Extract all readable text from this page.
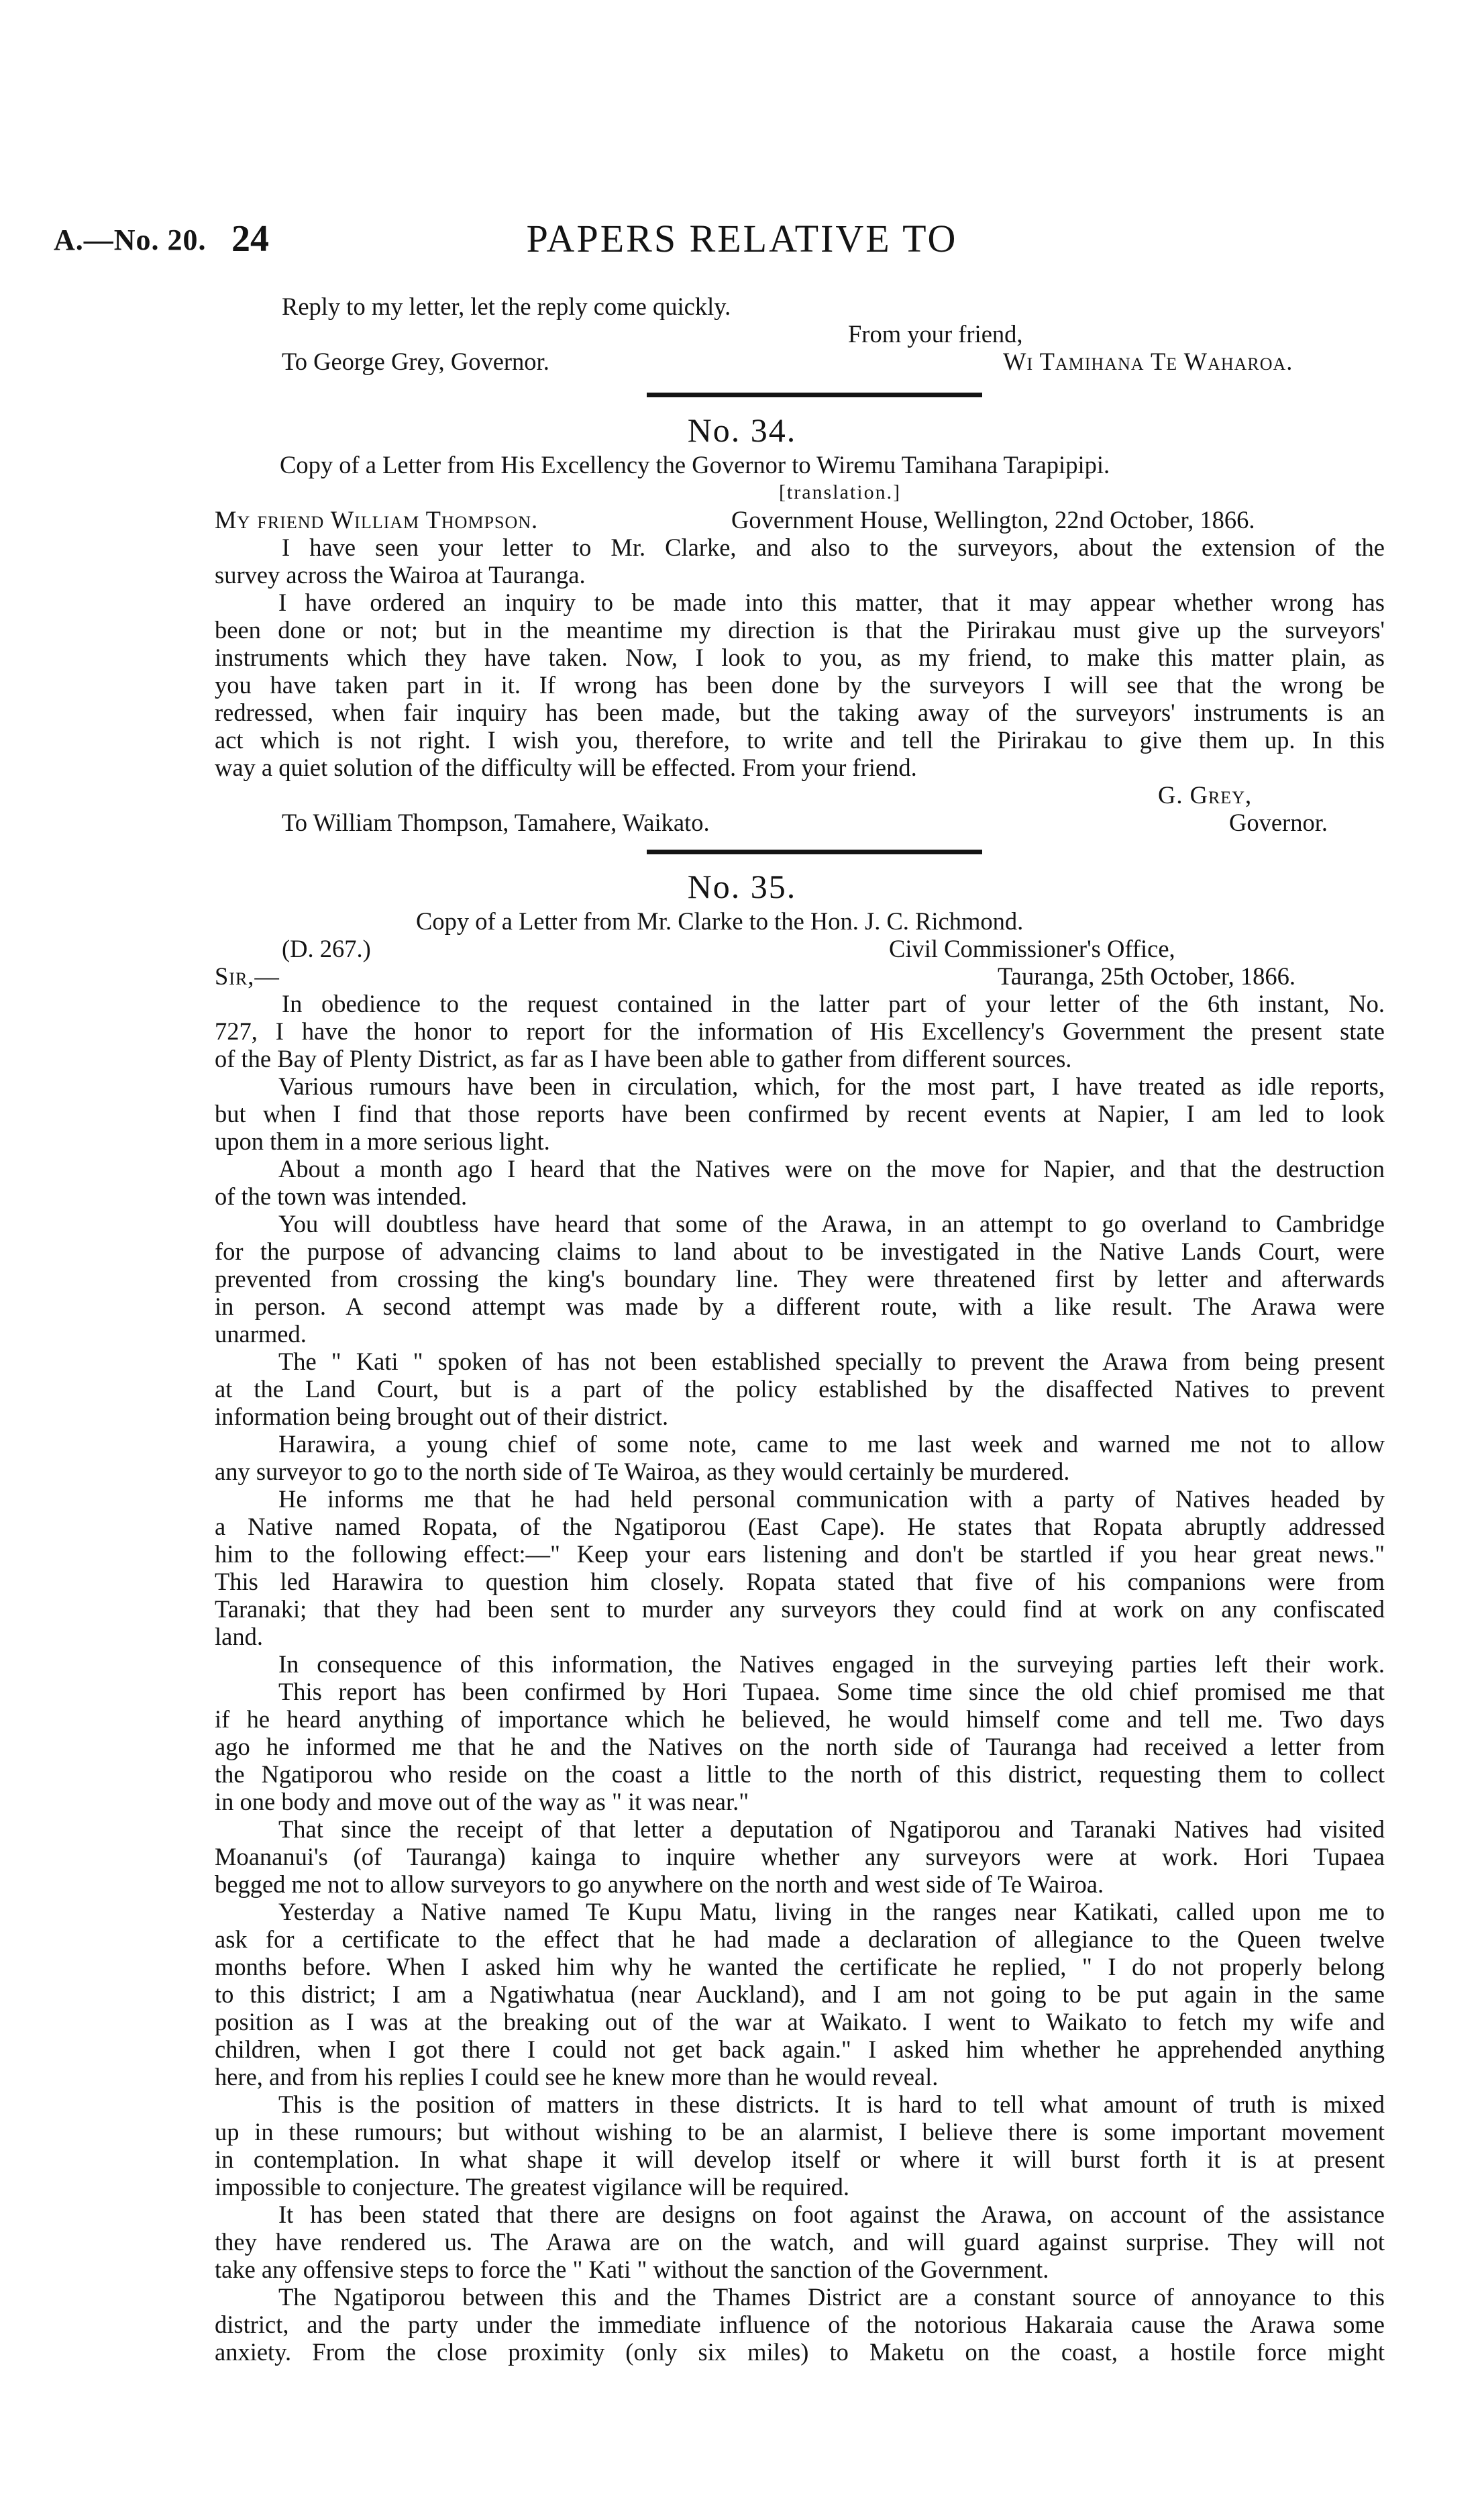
A.—No. 20. 24	PAPERS RELATIVE TO
Reply to my letter, let the reply come quickly.
From your friend,
To George Grey, Governor.	Wi Tamihana Te Waharoa.
No. 34.
Copy of a Letter from His Excellency the Governor to Wiremu Tamihana Tarapipipi.
[translation.]
My friend William Thompson.	Government House, Wellington, 22nd October, 1866.
I have seen your letter to Mr. Clarke, and also to the surveyors, about the extension of the
survey across the Wairoa at Tauranga.
I have ordered an inquiry to be made into this matter, that it may appear whether wrong has
been done or not; but in the meantime my direction is that the Pirirakau must give up the surveyors'
instruments which they have taken. Now, I look to you, as my friend, to make this matter plain, as
you have taken part in it. If wrong has been done by the surveyors I will see that the wrong be
redressed, when fair inquiry has been made, but the taking away of the surveyors' instruments is an
act which is not right. I wish you, therefore, to write and tell the Pirirakau to give them up. In this
way a quiet solution of the difficulty will be effected. From your friend.
G. Grey,
To William Thompson, Tamahere, Waikato.	Governor.
No. 35.
Copy of a Letter from Mr. Clarke to the Hon. J. C. Richmond.
(D. 267.)	Civil Commissioner's Office,
Sir,—	Tauranga, 25th October, 1866.
In obedience to the request contained in the latter part of your letter of the 6th instant, No.
727, I have the honor to report for the information of His Excellency's Government the present state
of the Bay of Plenty District, as far as I have been able to gather from different sources.
Various rumours have been in circulation, which, for the most part, I have treated as idle reports,
but when I find that those reports have been confirmed by recent events at Napier, I am led to look
upon them in a more serious light.
About a month ago I heard that the Natives were on the move for Napier, and that the destruction
of the town was intended.
You will doubtless have heard that some of the Arawa, in an attempt to go overland to Cambridge
for the purpose of advancing claims to land about to be investigated in the Native Lands Court, were
prevented from crossing the king's boundary line. They were threatened first by letter and afterwards
in person. A second attempt was made by a different route, with a like result. The Arawa were
unarmed.
The " Kati " spoken of has not been established specially to prevent the Arawa from being present
at the Land Court, but is a part of the policy established by the disaffected Natives to prevent
information being brought out of their district.
Harawira, a young chief of some note, came to me last week and warned me not to allow
any surveyor to go to the north side of Te Wairoa, as they would certainly be murdered.
He informs me that he had held personal communication with a party of Natives headed by
a Native named Ropata, of the Ngatiporou (East Cape). He states that Ropata abruptly addressed
him to the following effect:—" Keep your ears listening and don't be startled if you hear great news."
This led Harawira to question him closely. Ropata stated that five of his companions were from
Taranaki; that they had been sent to murder any surveyors they could find at work on any confiscated
land.
In consequence of this information, the Natives engaged in the surveying parties left their work.
This report has been confirmed by Hori Tupaea. Some time since the old chief promised me that
if he heard anything of importance which he believed, he would himself come and tell me. Two days
ago he informed me that he and the Natives on the north side of Tauranga had received a letter from
the Ngatiporou who reside on the coast a little to the north of this district, requesting them to collect
in one body and move out of the way as " it was near."
That since the receipt of that letter a deputation of Ngatiporou and Taranaki Natives had visited
Moananui's (of Tauranga) kainga to inquire whether any surveyors were at work. Hori Tupaea
begged me not to allow surveyors to go anywhere on the north and west side of Te Wairoa.
Yesterday a Native named Te Kupu Matu, living in the ranges near Katikati, called upon me to
ask for a certificate to the effect that he had made a declaration of allegiance to the Queen twelve
months before. When I asked him why he wanted the certificate he replied, " I do not properly belong
to this district; I am a Ngatiwhatua (near Auckland), and I am not going to be put again in the same
position as I was at the breaking out of the war at Waikato. I went to Waikato to fetch my wife and
children, when I got there I could not get back again." I asked him whether he apprehended anything
here, and from his replies I could see he knew more than he would reveal.
This is the position of matters in these districts. It is hard to tell what amount of truth is mixed
up in these rumours; but without wishing to be an alarmist, I believe there is some important movement
in contemplation. In what shape it will develop itself or where it will burst forth it is at present
impossible to conjecture. The greatest vigilance will be required.
It has been stated that there are designs on foot against the Arawa, on account of the assistance
they have rendered us. The Arawa are on the watch, and will guard against surprise. They will not
take any offensive steps to force the " Kati " without the sanction of the Government.
The Ngatiporou between this and the Thames District are a constant source of annoyance to this
district, and the party under the immediate influence of the notorious Hakaraia cause the Arawa some
anxiety. From the close proximity (only six miles) to Maketu on the coast, a hostile force might
